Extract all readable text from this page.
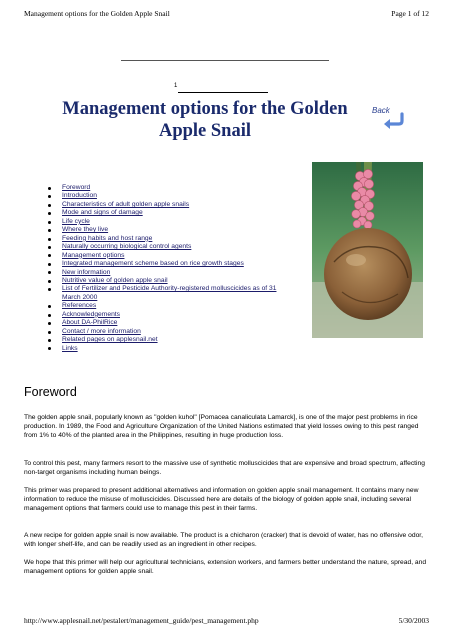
Management options for the Golden Apple Snail	Page 1 of 12
1
Management options for the Golden Apple Snail
Back
Foreword
Introduction
Characteristics of adult golden apple snails
Mode and signs of damage
Life cycle
Where they live
Feeding habits and host range
Naturally occurring biological control agents
Management options
Integrated management scheme based on rice growth stages
New information
Nutritive value of golden apple snail
List of Fertilizer and Pesticide Authority-registered molluscicides as of 31 March 2000
References
Acknowledgements
About DA-PhilRice
Contact / more information
Related pages on applesnail.net
Links
Foreword

The golden apple snail, popularly known as "golden kuhol" [Pomacea canaliculata Lamarck], is one of the major pest problems in rice production. In 1989, the Food and Agriculture Organization of the United Nations estimated that yield losses owing to this pest ranged from 1% to 40% of the planted area in the Philippines, resulting in huge production loss.

To control this pest, many farmers resort to the massive use of synthetic molluscicides that are expensive and broad spectrum, affecting non-target organisms including human beings.

This primer was prepared to present additional alternatives and information on golden apple snail management. It contains many new information to reduce the misuse of molluscicides. Discussed here are details of the biology of golden apple snail, including several management options that farmers could use to manage this pest in their farms.

A new recipe for golden apple snail is now available. The product is a chicharon (cracker) that is devoid of water, has no offensive odor, with longer shelf-life, and can be readily used as an ingredient in other recipes.

We hope that this primer will help our agricultural technicians, extension workers, and farmers better understand the nature, spread, and management options for golden apple snail.

http://www.applesnail.net/pestalert/management_guide/pest_management.php	5/30/2003
